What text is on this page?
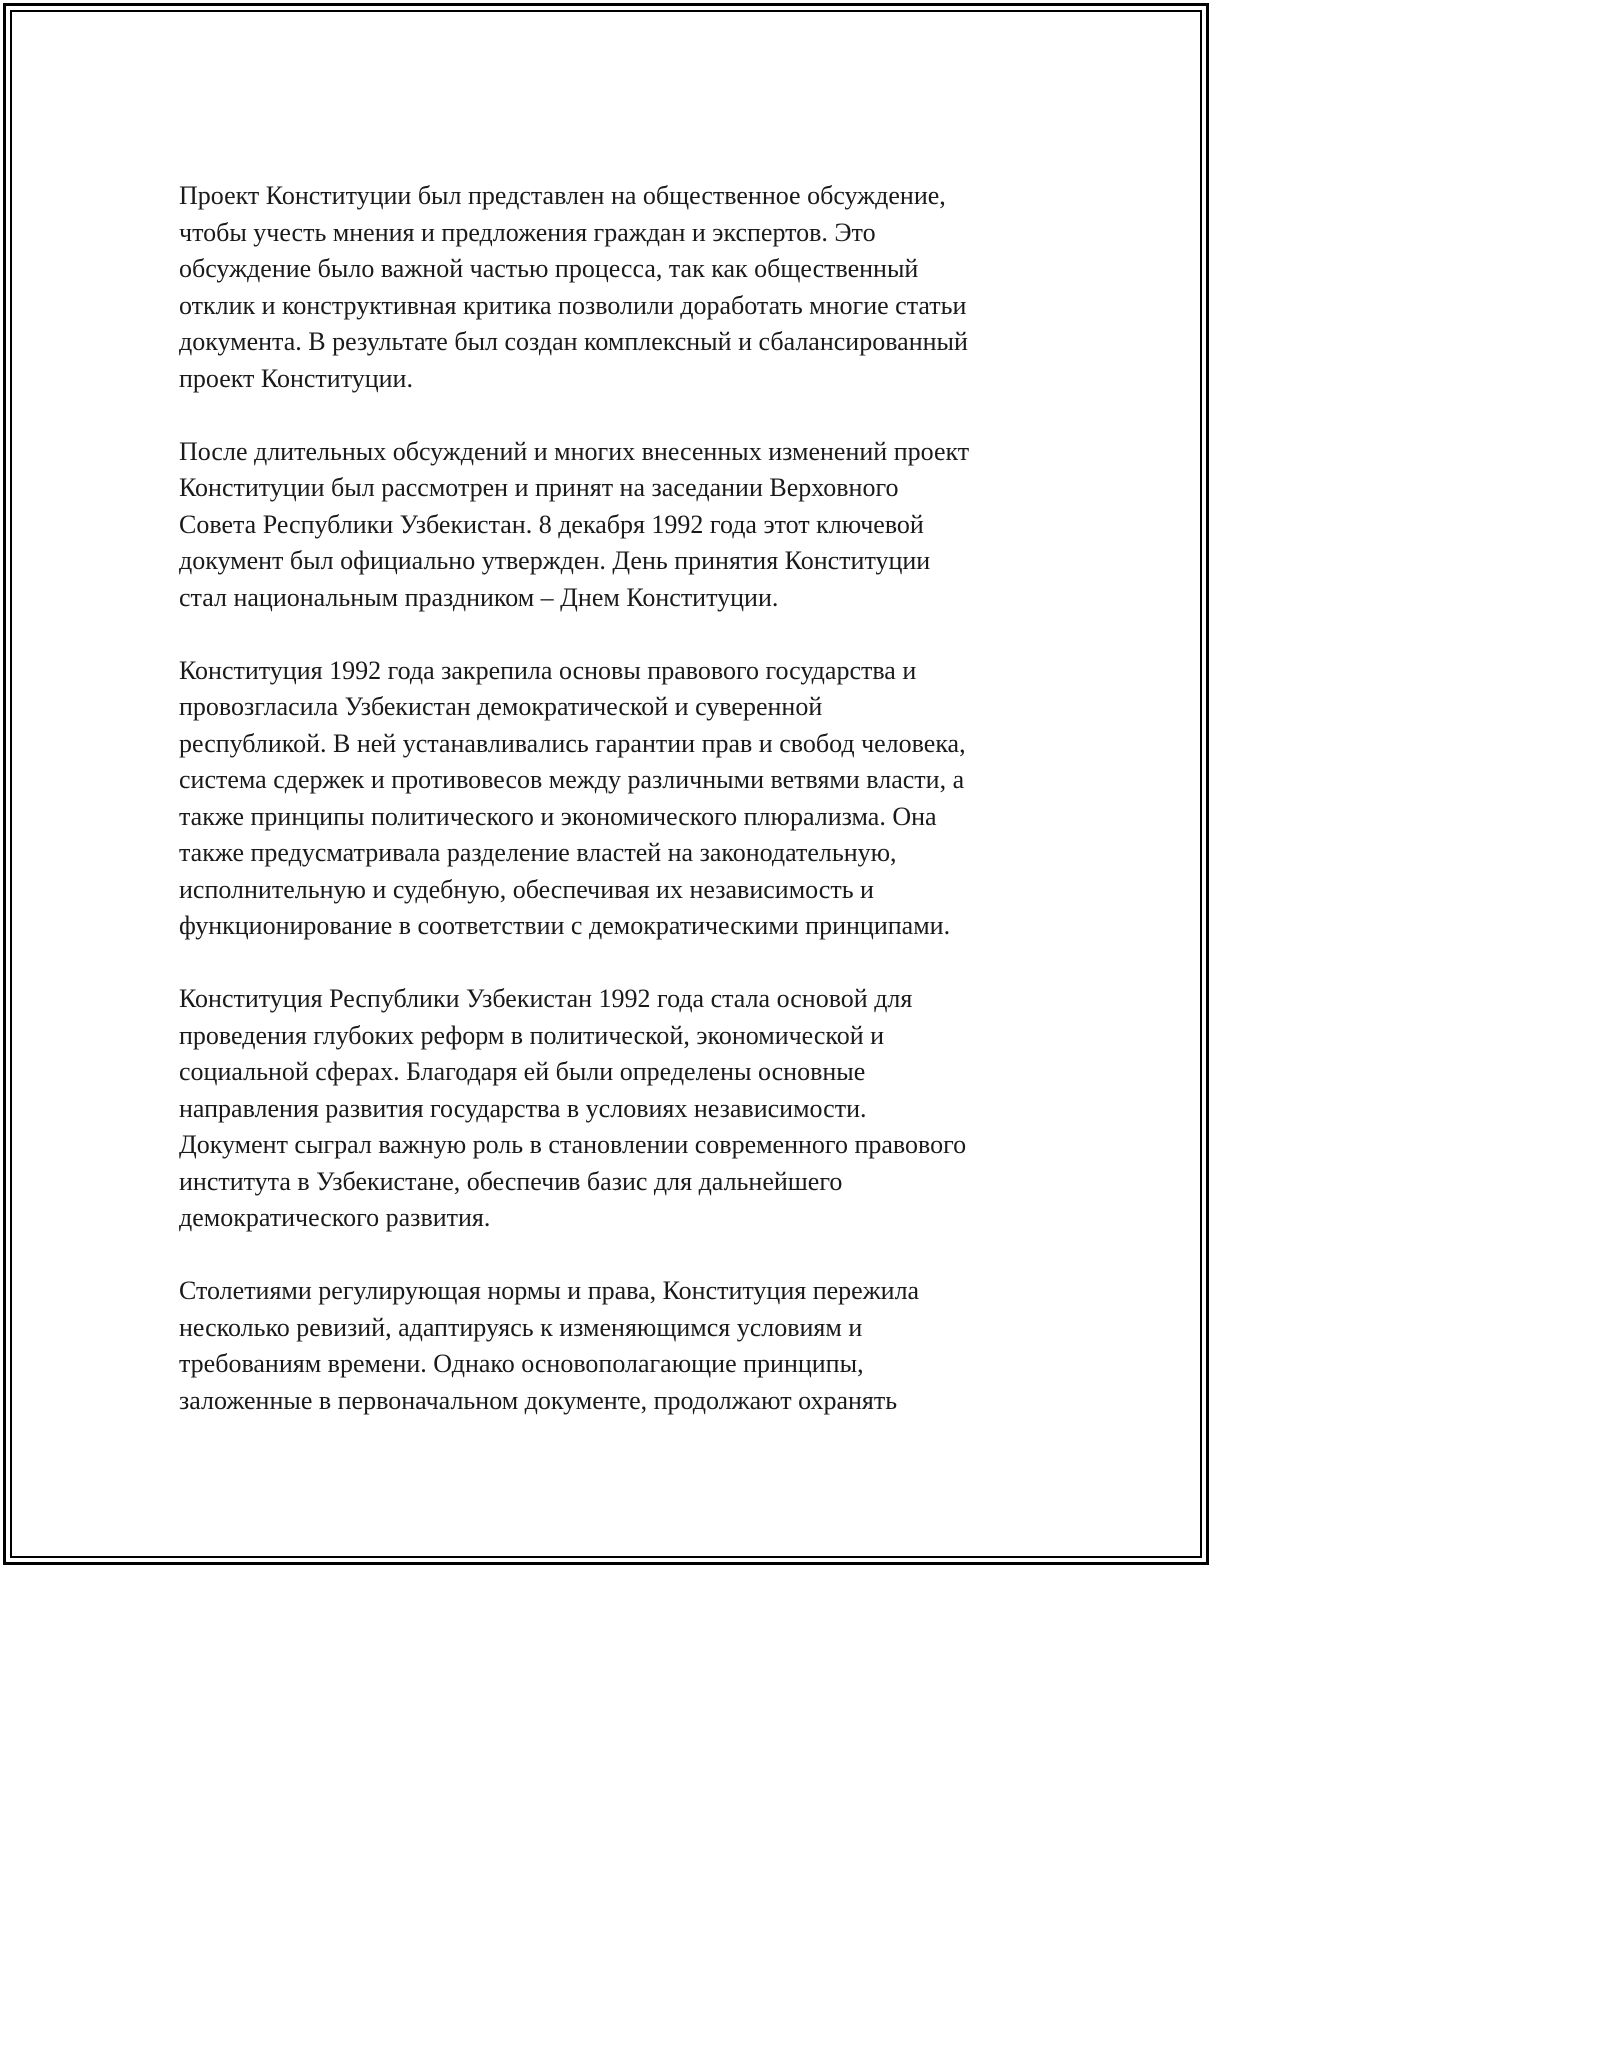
Проект Конституции был представлен на общественное обсуждение,
чтобы учесть мнения и предложения граждан и экспертов. Это
обсуждение было важной частью процесса, так как общественный
отклик и конструктивная критика позволили доработать многие статьи
документа. В результате был создан комплексный и сбалансированный
проект Конституции.

После длительных обсуждений и многих внесенных изменений проект
Конституции был рассмотрен и принят на заседании Верховного
Совета Республики Узбекистан. 8 декабря 1992 года этот ключевой
документ был официально утвержден. День принятия Конституции
стал национальным праздником – Днем Конституции.

Конституция 1992 года закрепила основы правового государства и
провозгласила Узбекистан демократической и суверенной
республикой. В ней устанавливались гарантии прав и свобод человека,
система сдержек и противовесов между различными ветвями власти, а
также принципы политического и экономического плюрализма. Она
также предусматривала разделение властей на законодательную,
исполнительную и судебную, обеспечивая их независимость и
функционирование в соответствии с демократическими принципами.

Конституция Республики Узбекистан 1992 года стала основой для
проведения глубоких реформ в политической, экономической и
социальной сферах. Благодаря ей были определены основные
направления развития государства в условиях независимости.
Документ сыграл важную роль в становлении современного правового
института в Узбекистане, обеспечив базис для дальнейшего
демократического развития.

Столетиями регулирующая нормы и права, Конституция пережила
несколько ревизий, адаптируясь к изменяющимся условиям и
требованиям времени. Однако основополагающие принципы,
заложенные в первоначальном документе, продолжают охранять
